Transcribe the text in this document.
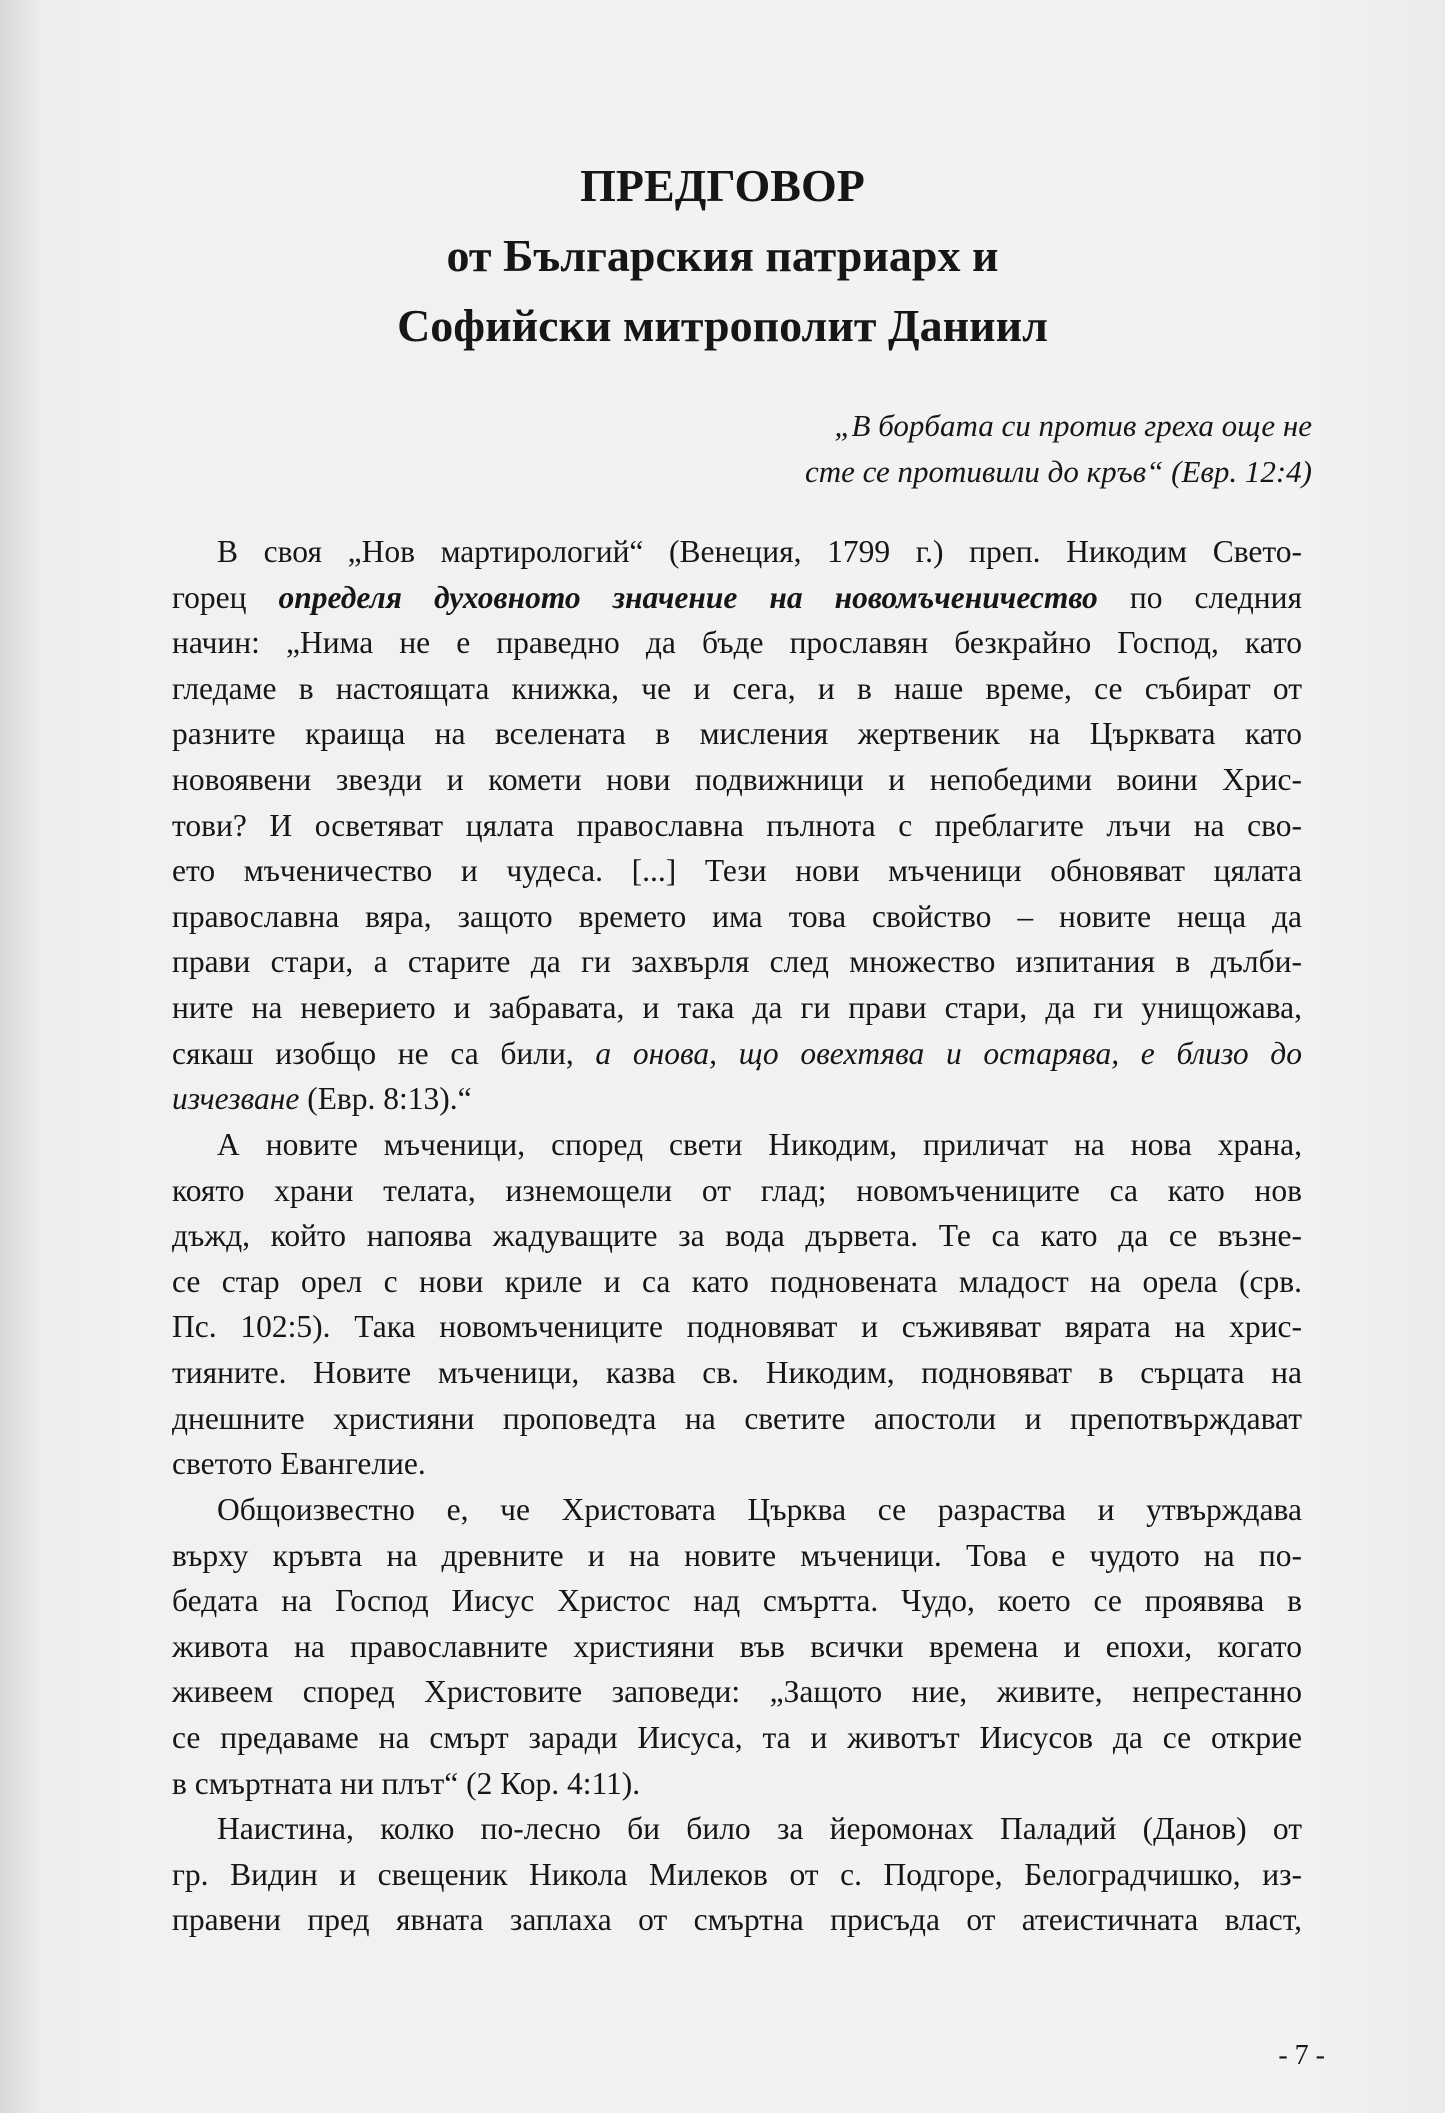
ПРЕДГОВОР
от Българския патриарх и
Софийски митрополит Даниил
„В борбата си против греха още не
сте се противили до кръв“ (Евр. 12:4)
В своя „Нов мартирологий“ (Венеция, 1799 г.) преп. Никодим Свето-
горец определя духовното значение на новомъченичество по следния
начин: „Нима не е праведно да бъде прославян безкрайно Господ, като
гледаме в настоящата книжка, че и сега, и в наше време, се събират от
разните краища на вселената в мисления жертвеник на Църквата като
новоявени звезди и комети нови подвижници и непобедими воини Хрис-
тови? И осветяват цялата православна пълнота с преблагите лъчи на сво-
ето мъченичество и чудеса. [...] Тези нови мъченици обновяват цялата
православна вяра, защото времето има това свойство – новите неща да
прави стари, а старите да ги захвърля след множество изпитания в дълби-
ните на неверието и забравата, и така да ги прави стари, да ги унищожава,
сякаш изобщо не са били, а онова, що овехтява и остарява, е близо до
изчезване (Евр. 8:13).“
А новите мъченици, според свети Никодим, приличат на нова храна,
която храни телата, изнемощели от глад; новомъчениците са като нов
дъжд, който напоява жадуващите за вода дървета. Те са като да се възне-
се стар орел с нови криле и са като подновената младост на орела (срв.
Пс. 102:5). Така новомъчениците подновяват и съживяват вярата на хрис-
тияните. Новите мъченици, казва св. Никодим, подновяват в сърцата на
днешните християни проповедта на светите апостоли и препотвърждават
светото Евангелие.
Общоизвестно е, че Христовата Църква се разраства и утвърждава
върху кръвта на древните и на новите мъченици. Това е чудото на по-
бедата на Господ Иисус Христос над смъртта. Чудо, което се проявява в
живота на православните християни във всички времена и епохи, когато
живеем според Христовите заповеди: „Защото ние, живите, непрестанно
се предаваме на смърт заради Иисуса, та и животът Иисусов да се открие
в смъртната ни плът“ (2 Кор. 4:11).
Наистина, колко по-лесно би било за йеромонах Паладий (Данов) от
гр. Видин и свещеник Никола Милеков от с. Подгоре, Белоградчишко, из-
правени пред явната заплаха от смъртна присъда от атеистичната власт,
- 7 -
